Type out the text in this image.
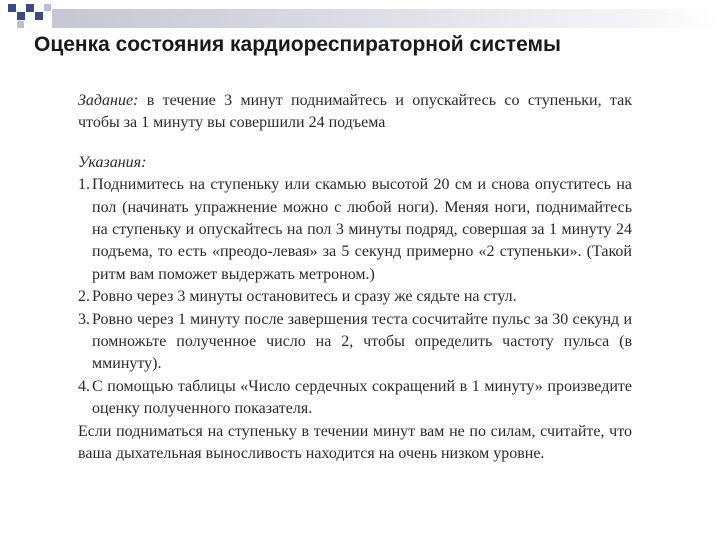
Оценка состояния кардиореспираторной системы

Задание: в течение 3 минут поднимайтесь и опускайтесь со ступеньки, так чтобы за 1 минуту вы совершили 24 подъема

Указания:

1. Поднимитесь на ступеньку или скамью высотой 20 см и снова опуститесь на пол (начинать упражнение можно с любой ноги). Меняя ноги, поднимайтесь на ступеньку и опускайтесь на пол 3 минуты подряд, совершая за 1 минуту 24 подъема, то есть «преодо-левая» за 5 секунд примерно «2 ступеньки». (Такой ритм вам поможет выдержать метроном.)
2. Ровно через 3 минуты остановитесь и сразу же сядьте на стул.
3. Ровно через 1 минуту после завершения теста сосчитайте пульс за 30 секунд и помножьте полученное число на 2, чтобы определить частоту пульса (в мминуту).
4. С помощью таблицы «Число сердечных сокращений в 1 минуту» произведите оценку полученного показателя.

Если подниматься на ступеньку в течении минут вам не по силам, считайте, что ваша дыхательная выносливость находится на очень низком уровне.
